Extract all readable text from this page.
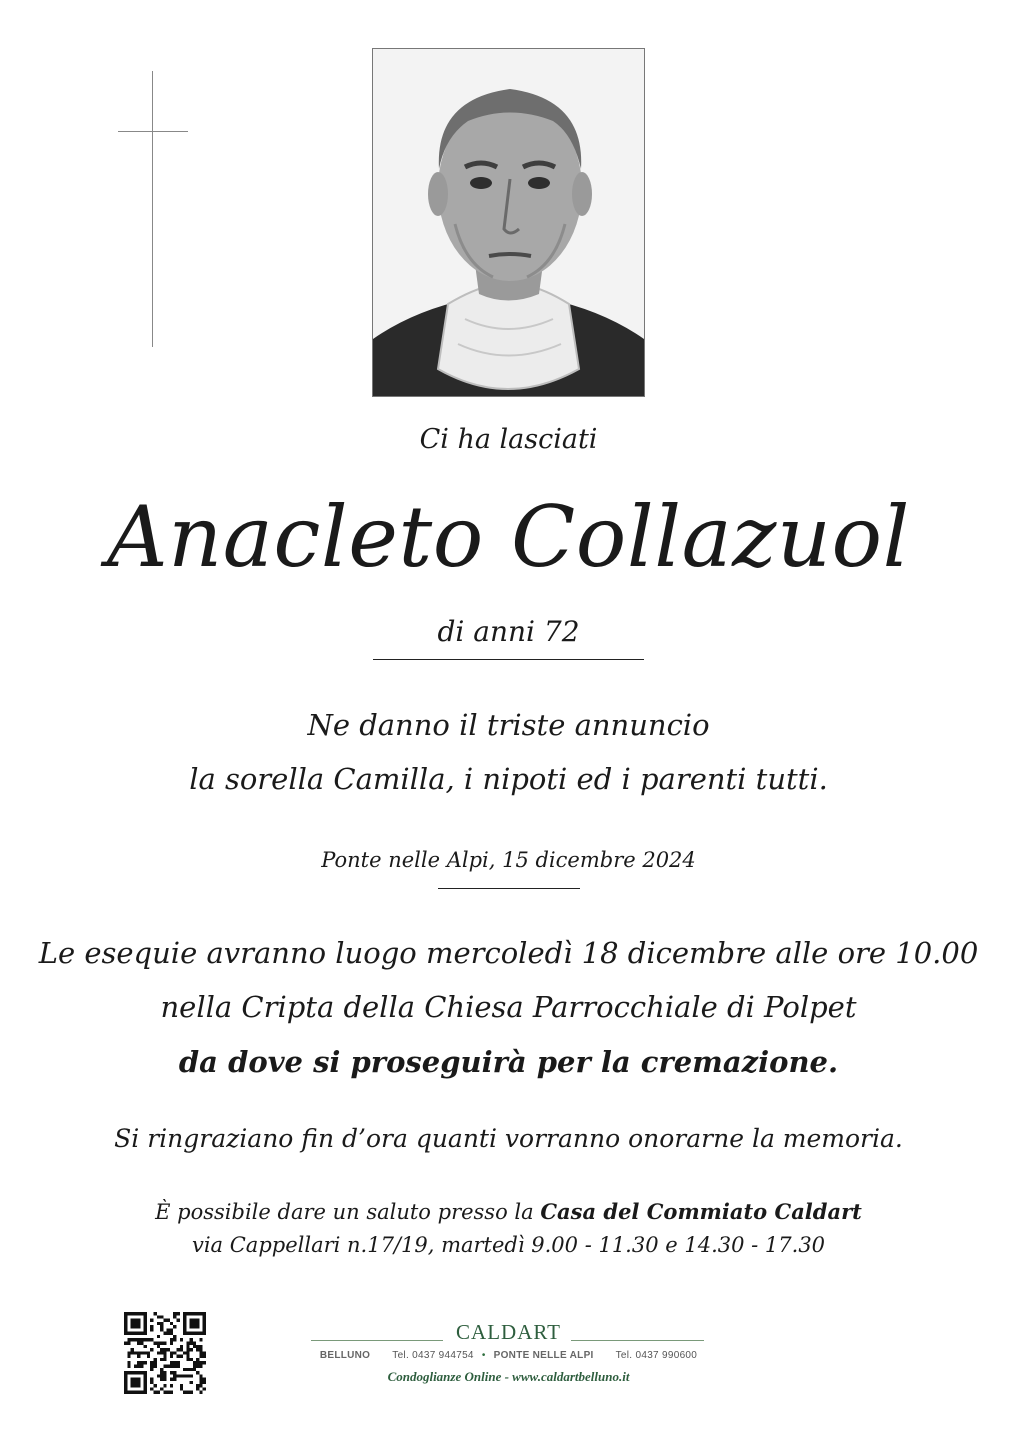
Ci ha lasciati
Anacleto Collazuol
di anni 72
Ne danno il triste annuncio
la sorella Camilla, i nipoti ed i parenti tutti.
Ponte nelle Alpi, 15 dicembre 2024
Le esequie avranno luogo mercoledì 18 dicembre alle ore 10.00
nella Cripta della Chiesa Parrocchiale di Polpet
da dove si proseguirà per la cremazione.
Si ringraziano fin d’ora quanti vorranno onorarne la memoria.
È possibile dare un saluto presso la Casa del Commiato Caldart
via Cappellari n.17/19, martedì 9.00 - 11.30 e 14.30 - 17.30
CALDART
BELLUNO Tel. 0437 944754 • PONTE NELLE ALPI Tel. 0437 990600
Condoglianze Online - www.caldartbelluno.it
